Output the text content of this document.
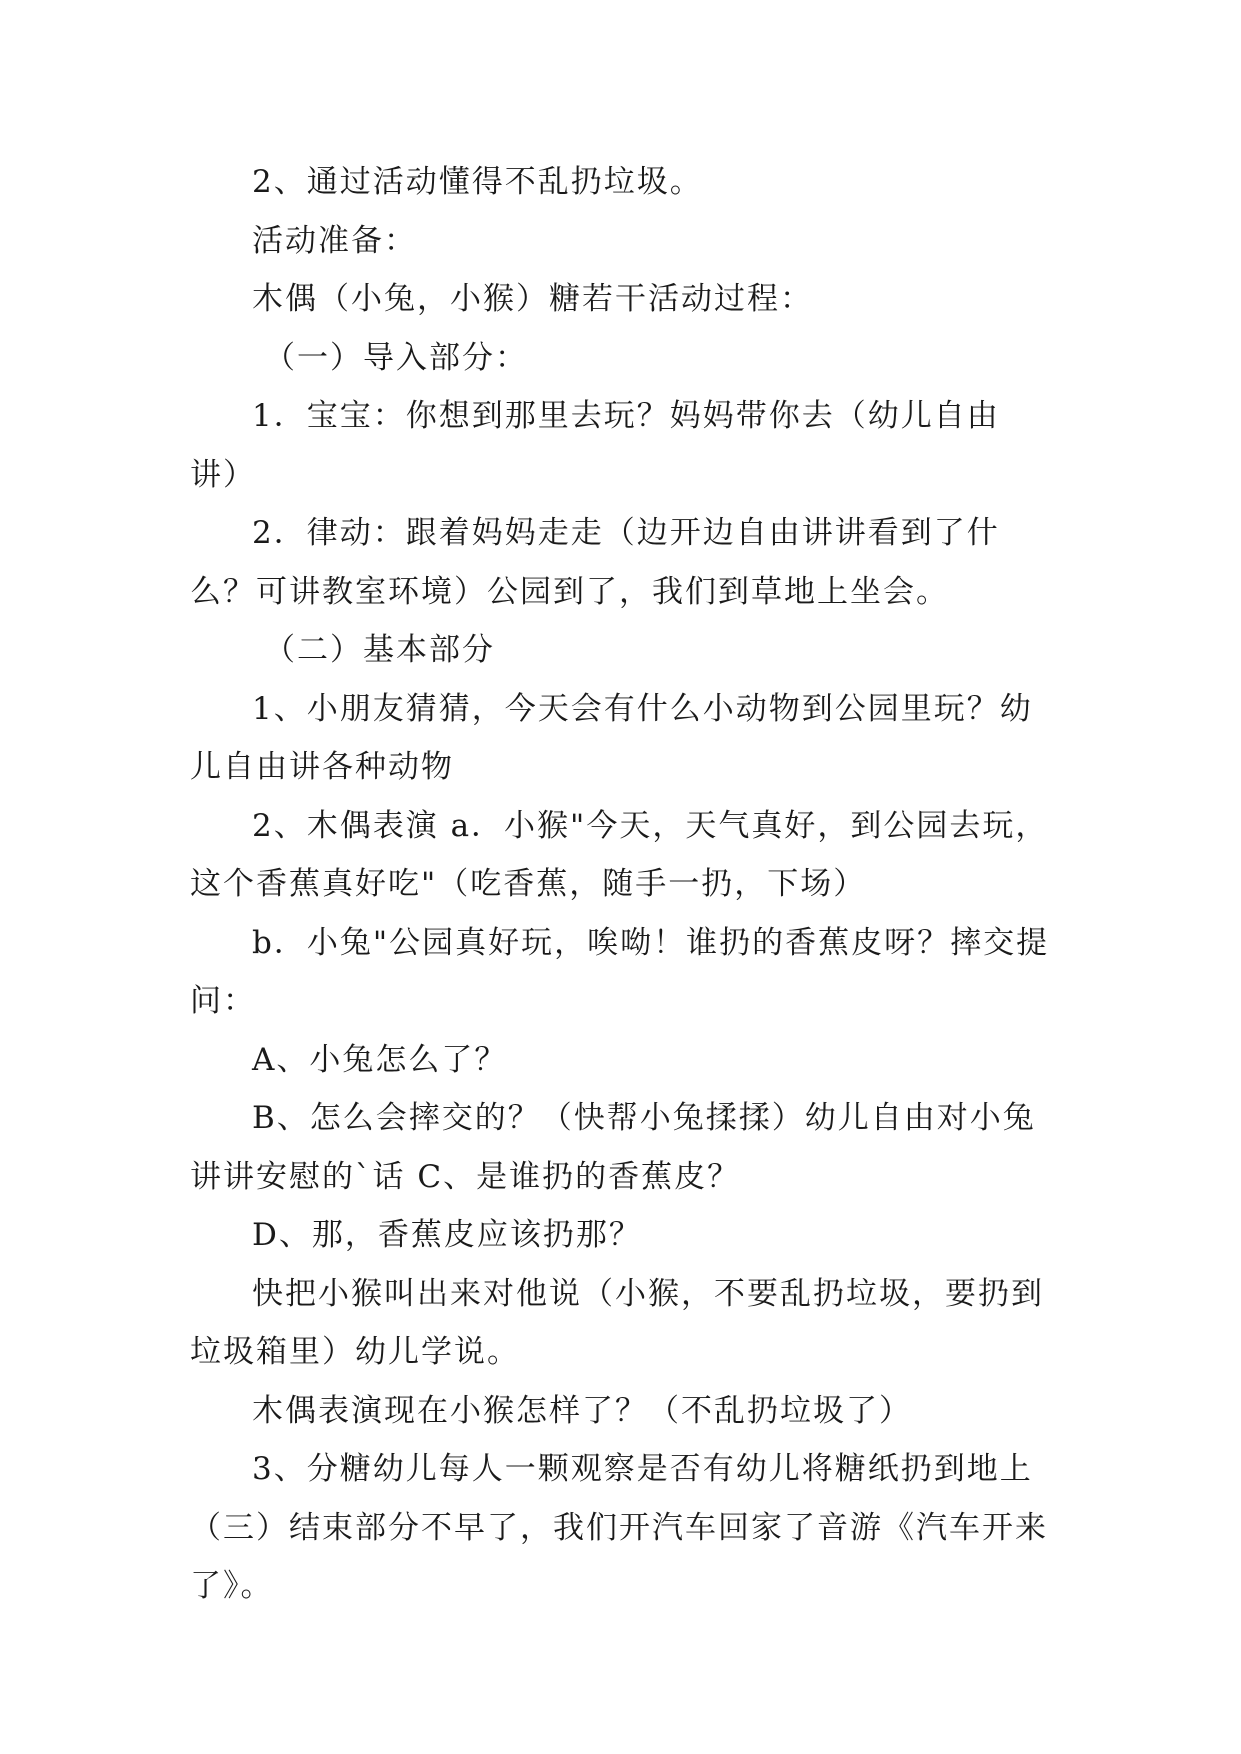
2、通过活动懂得不乱扔垃圾。

活动准备：

木偶（小兔，小猴）糖若干活动过程：

（一）导入部分：

1．宝宝：你想到那里去玩？妈妈带你去（幼儿自由讲）

2．律动：跟着妈妈走走（边开边自由讲讲看到了什么？可讲教室环境）公园到了，我们到草地上坐会。

（二）基本部分

1、小朋友猜猜，今天会有什么小动物到公园里玩？幼儿自由讲各种动物

2、木偶表演 a．小猴"今天，天气真好，到公园去玩，这个香蕉真好吃"（吃香蕉，随手一扔，下场）

b．小兔"公园真好玩，唉呦！谁扔的香蕉皮呀？摔交提问：

A、小兔怎么了？

B、怎么会摔交的？（快帮小兔揉揉）幼儿自由对小兔讲讲安慰的`话 C、是谁扔的香蕉皮？

D、那，香蕉皮应该扔那？

快把小猴叫出来对他说（小猴，不要乱扔垃圾，要扔到垃圾箱里）幼儿学说。

木偶表演现在小猴怎样了？（不乱扔垃圾了）

3、分糖幼儿每人一颗观察是否有幼儿将糖纸扔到地上（三）结束部分不早了，我们开汽车回家了音游《汽车开来了》。
